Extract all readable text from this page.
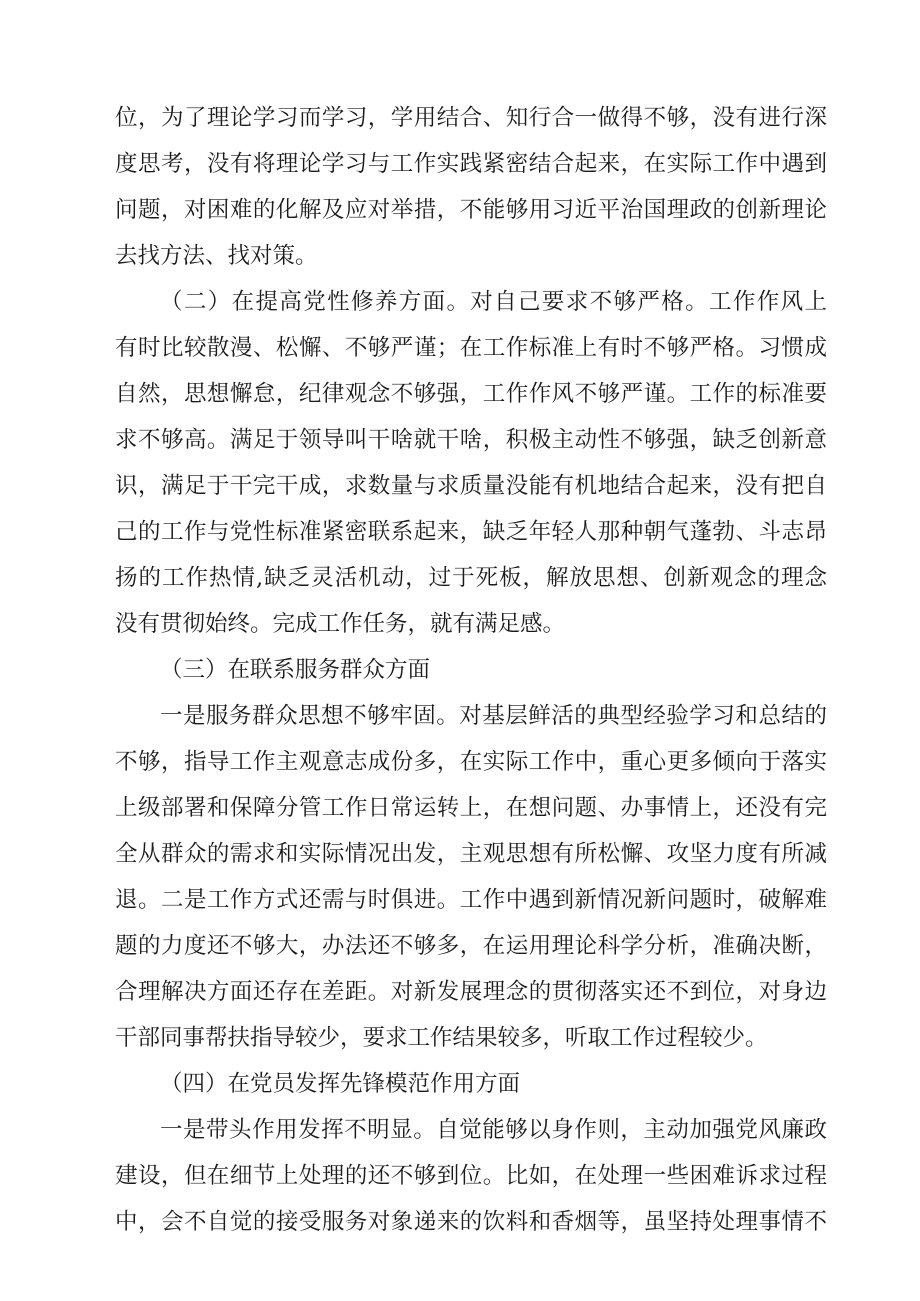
位，为了理论学习而学习，学用结合、知行合一做得不够，没有进行深
度思考，没有将理论学习与工作实践紧密结合起来，在实际工作中遇到
问题，对困难的化解及应对举措，不能够用习近平治国理政的创新理论
去找方法、找对策。
（二）在提高党性修养方面。对自己要求不够严格。工作作风上
有时比较散漫、松懈、不够严谨；在工作标准上有时不够严格。习惯成
自然，思想懈怠，纪律观念不够强，工作作风不够严谨。工作的标准要
求不够高。满足于领导叫干啥就干啥，积极主动性不够强，缺乏创新意
识，满足于干完干成，求数量与求质量没能有机地结合起来，没有把自
己的工作与党性标准紧密联系起来，缺乏年轻人那种朝气蓬勃、斗志昂
扬的工作热情,缺乏灵活机动，过于死板，解放思想、创新观念的理念
没有贯彻始终。完成工作任务，就有满足感。
（三）在联系服务群众方面
一是服务群众思想不够牢固。对基层鲜活的典型经验学习和总结的
不够，指导工作主观意志成份多，在实际工作中，重心更多倾向于落实
上级部署和保障分管工作日常运转上，在想问题、办事情上，还没有完
全从群众的需求和实际情况出发，主观思想有所松懈、攻坚力度有所减
退。二是工作方式还需与时俱进。工作中遇到新情况新问题时，破解难
题的力度还不够大，办法还不够多，在运用理论科学分析，准确决断，
合理解决方面还存在差距。对新发展理念的贯彻落实还不到位，对身边
干部同事帮扶指导较少，要求工作结果较多，听取工作过程较少。
（四）在党员发挥先锋模范作用方面
一是带头作用发挥不明显。自觉能够以身作则，主动加强党风廉政
建设，但在细节上处理的还不够到位。比如，在处理一些困难诉求过程
中，会不自觉的接受服务对象递来的饮料和香烟等，虽坚持处理事情不
